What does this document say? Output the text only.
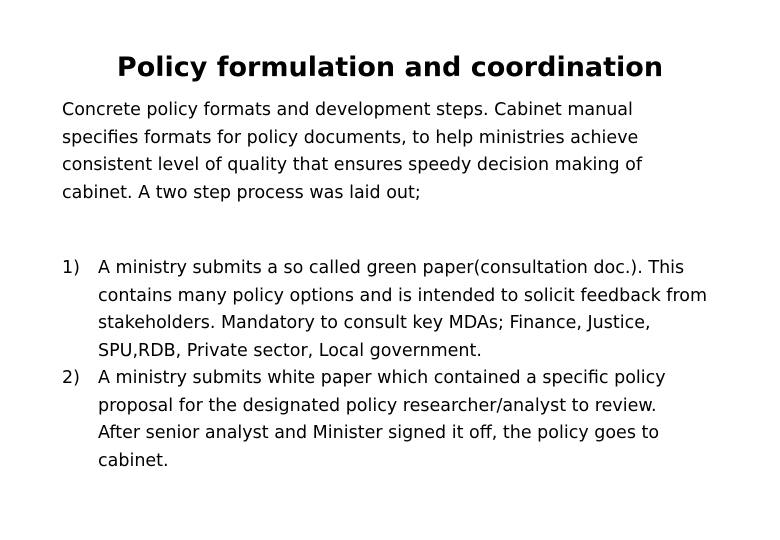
Policy formulation and coordination

Concrete policy formats and development steps. Cabinet manual
specifies formats for policy documents, to help ministries achieve
consistent level of quality that ensures speedy decision making of
cabinet. A two step process was laid out;

1) A ministry submits a so called green paper(consultation doc.). This
contains many policy options and is intended to solicit feedback from
stakeholders. Mandatory to consult key MDAs; Finance, Justice,
SPU,RDB, Private sector, Local government.
2) A ministry submits white paper which contained a specific policy
proposal for the designated policy researcher/analyst to review.
After senior analyst and Minister signed it off, the policy goes to
cabinet.
